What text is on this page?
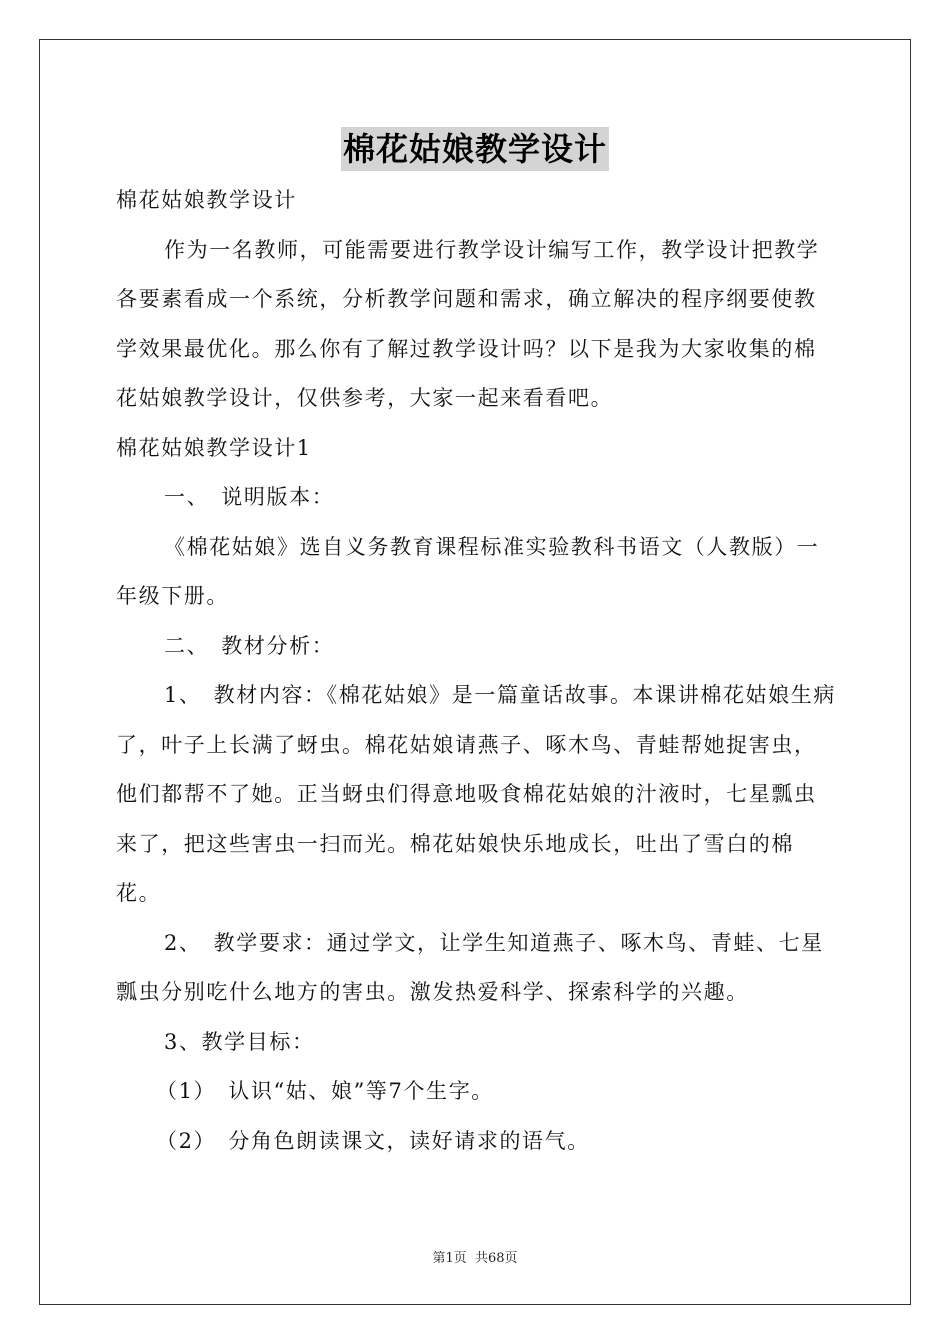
棉花姑娘教学设计

棉花姑娘教学设计

作为一名教师，可能需要进行教学设计编写工作，教学设计把教学各要素看成一个系统，分析教学问题和需求，确立解决的程序纲要使教学效果最优化。那么你有了解过教学设计吗？以下是我为大家收集的棉花姑娘教学设计，仅供参考，大家一起来看看吧。

棉花姑娘教学设计1

一、　说明版本：

《棉花姑娘》选自义务教育课程标准实验教科书语文（人教版）一年级下册。

二、　教材分析：

1、　教材内容：《棉花姑娘》是一篇童话故事。本课讲棉花姑娘生病了，叶子上长满了蚜虫。棉花姑娘请燕子、啄木鸟、青蛙帮她捉害虫，他们都帮不了她。正当蚜虫们得意地吸食棉花姑娘的汁液时，七星瓢虫来了，把这些害虫一扫而光。棉花姑娘快乐地成长，吐出了雪白的棉花。

2、　教学要求：通过学文，让学生知道燕子、啄木鸟、青蛙、七星瓢虫分别吃什么地方的害虫。激发热爱科学、探索科学的兴趣。

3、教学目标：

（1）　认识“姑、娘”等7个生字。

（2）　分角色朗读课文，读好请求的语气。

第1页 共68页
